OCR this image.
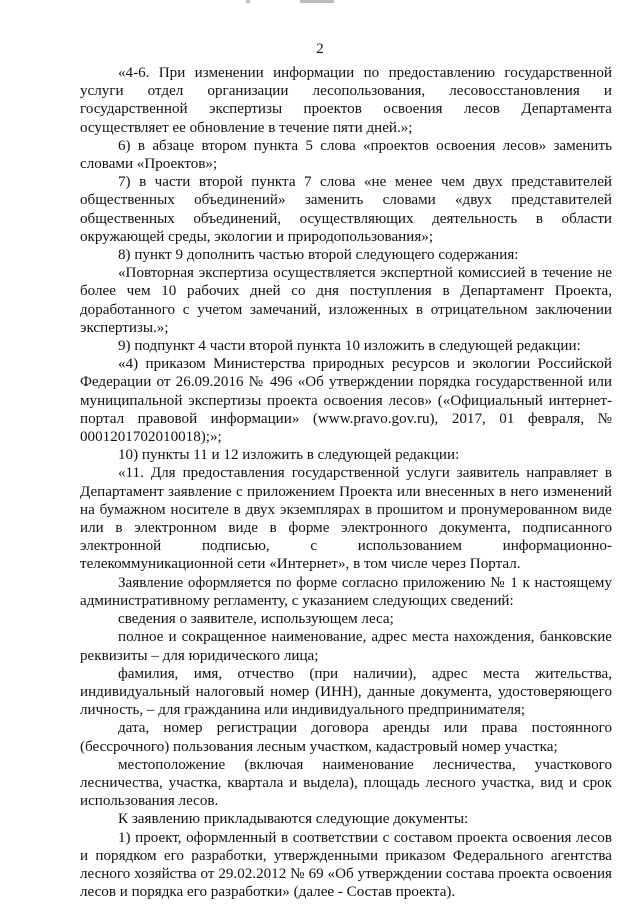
2

«4-6. При изменении информации по предоставлению государственной услуги отдел организации лесопользования, лесовосстановления и государственной экспертизы проектов освоения лесов Департамента осуществляет ее обновление в течение пяти дней.»;

6) в абзаце втором пункта 5 слова «проектов освоения лесов» заменить словами «Проектов»;

7) в части второй пункта 7 слова «не менее чем двух представителей общественных объединений» заменить словами «двух представителей общественных объединений, осуществляющих деятельность в области окружающей среды, экологии и природопользования»;

8) пункт 9 дополнить частью второй следующего содержания:

«Повторная экспертиза осуществляется экспертной комиссией в течение не более чем 10 рабочих дней со дня поступления в Департамент Проекта, доработанного с учетом замечаний, изложенных в отрицательном заключении экспертизы.»;

9) подпункт 4 части второй пункта 10 изложить в следующей редакции:

«4) приказом Министерства природных ресурсов и экологии Российской Федерации от 26.09.2016 № 496 «Об утверждении порядка государственной или муниципальной экспертизы проекта освоения лесов» («Официальный интернет-портал правовой информации» (www.pravo.gov.ru), 2017, 01 февраля, № 0001201702010018);»;

10) пункты 11 и 12 изложить в следующей редакции:

«11. Для предоставления государственной услуги заявитель направляет в Департамент заявление с приложением Проекта или внесенных в него изменений на бумажном носителе в двух экземплярах в прошитом и пронумерованном виде или в электронном виде в форме электронного документа, подписанного электронной подписью, с использованием информационно-телекоммуникационной сети «Интернет», в том числе через Портал.

Заявление оформляется по форме согласно приложению № 1 к настоящему административному регламенту, с указанием следующих сведений:

сведения о заявителе, использующем леса;

полное и сокращенное наименование, адрес места нахождения, банковские реквизиты – для юридического лица;

фамилия, имя, отчество (при наличии), адрес места жительства, индивидуальный налоговый номер (ИНН), данные документа, удостоверяющего личность, – для гражданина или индивидуального предпринимателя;

дата, номер регистрации договора аренды или права постоянного (бессрочного) пользования лесным участком, кадастровый номер участка;

местоположение (включая наименование лесничества, участкового лесничества, участка, квартала и выдела), площадь лесного участка, вид и срок использования лесов.

К заявлению прикладываются следующие документы:

1) проект, оформленный в соответствии с составом проекта освоения лесов и порядком его разработки, утвержденными приказом Федерального агентства лесного хозяйства от 29.02.2012 № 69 «Об утверждении состава проекта освоения лесов и порядка его разработки» (далее - Состав проекта).
